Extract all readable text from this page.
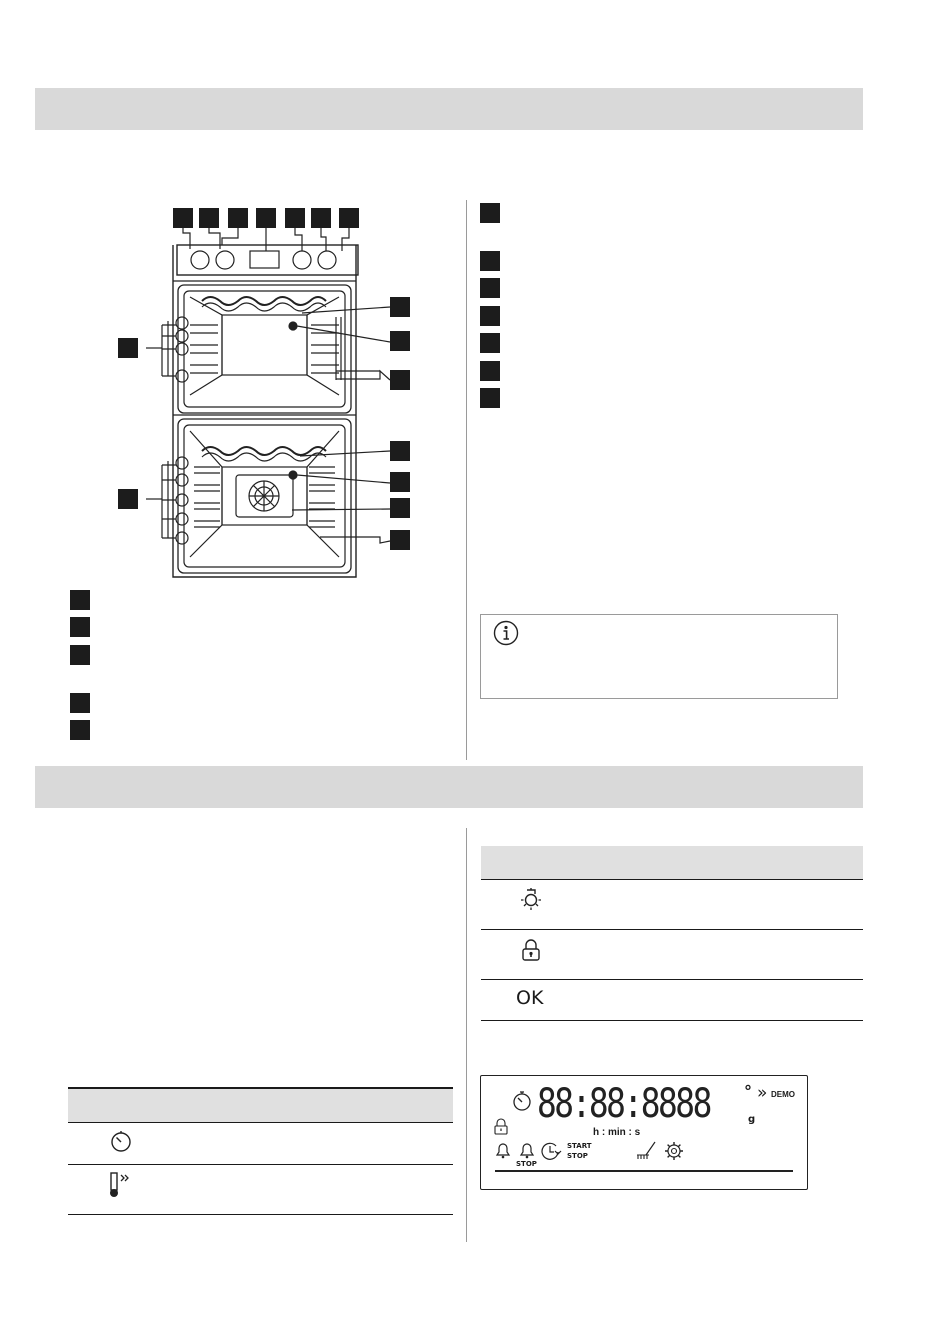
OK
88:88:8888 ° » DEMO
g
h : min : s
STOP
START
STOP
